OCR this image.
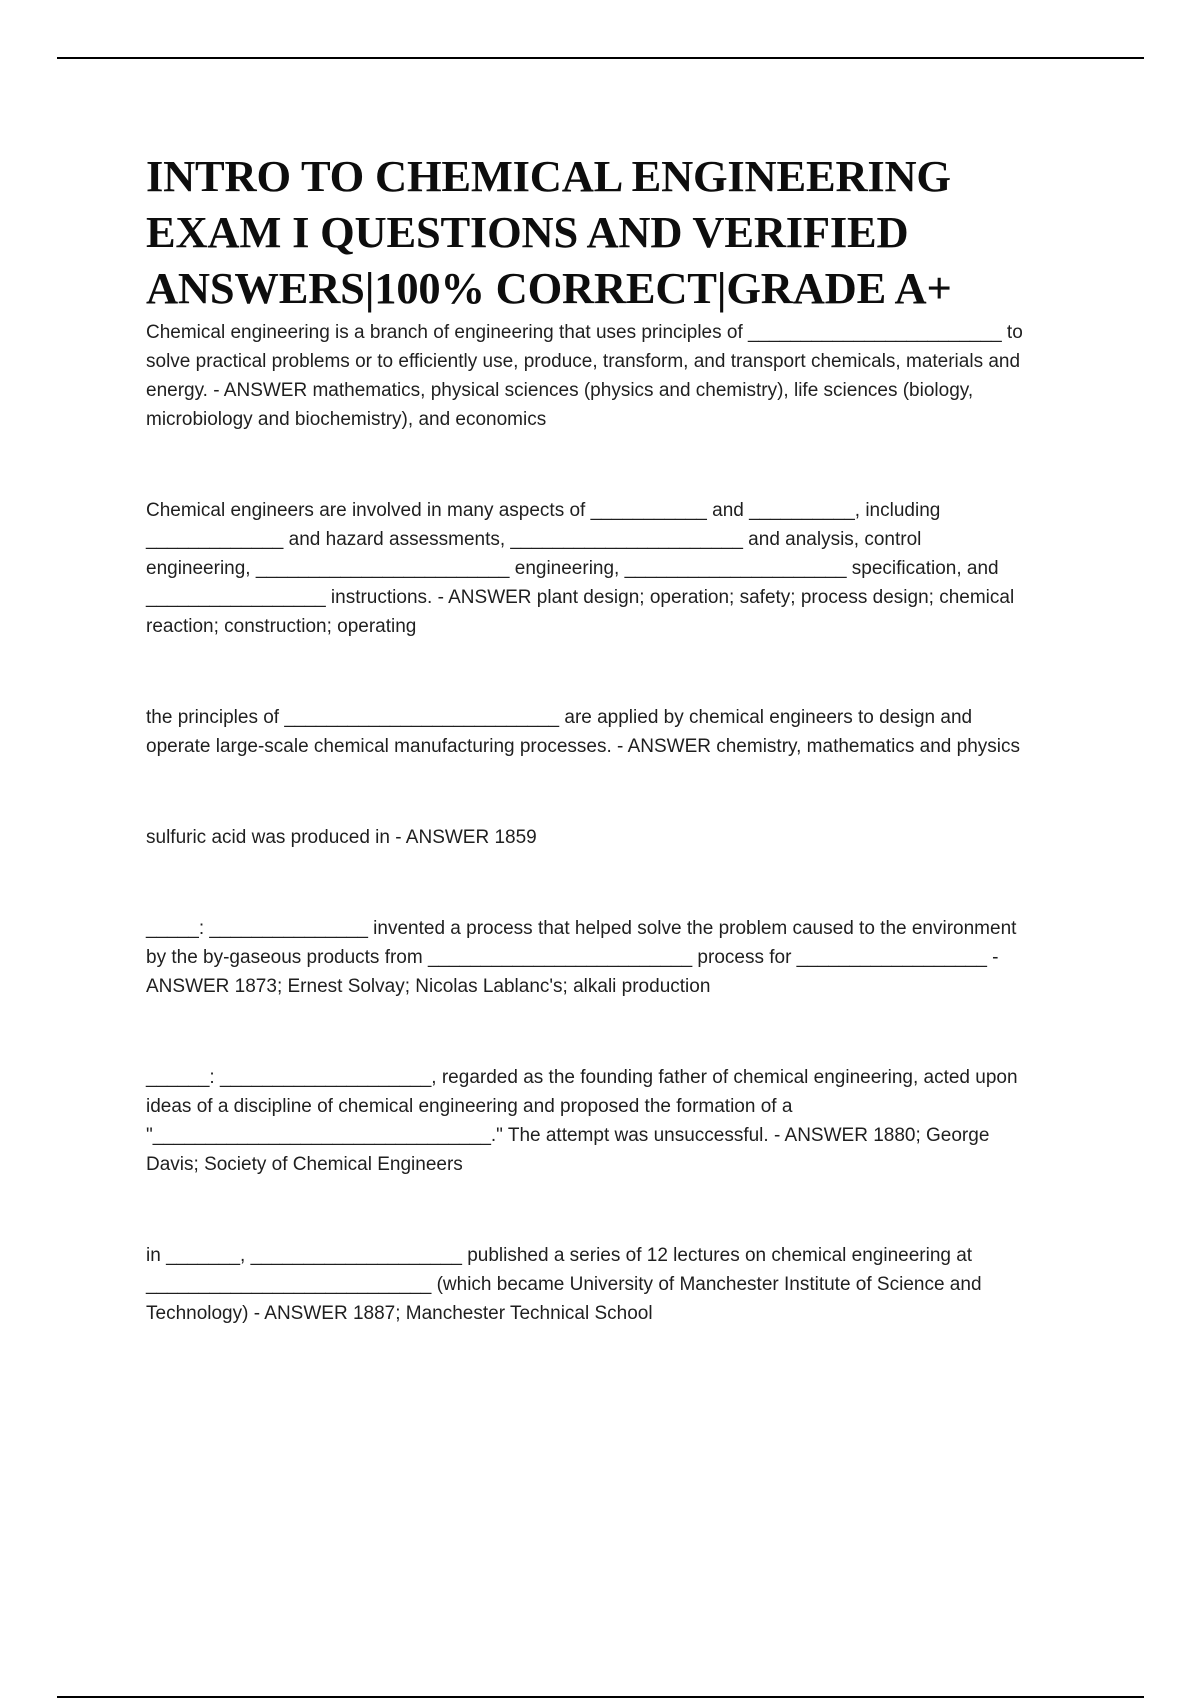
INTRO TO CHEMICAL ENGINEERING
EXAM I QUESTIONS AND VERIFIED
ANSWERS|100% CORRECT|GRADE A+

Chemical engineering is a branch of engineering that uses principles of ________________________ to
solve practical problems or to efficiently use, produce, transform, and transport chemicals, materials and
energy. - ANSWER mathematics, physical sciences (physics and chemistry), life sciences (biology,
microbiology and biochemistry), and economics

Chemical engineers are involved in many aspects of ___________ and __________, including
_____________ and hazard assessments, ______________________ and analysis, control
engineering, ________________________ engineering, _____________________ specification, and
_________________ instructions. - ANSWER plant design; operation; safety; process design; chemical
reaction; construction; operating

the principles of __________________________ are applied by chemical engineers to design and
operate large-scale chemical manufacturing processes. - ANSWER chemistry, mathematics and physics

sulfuric acid was produced in - ANSWER 1859

_____: _______________ invented a process that helped solve the problem caused to the environment
by the by-gaseous products from _________________________ process for __________________ -
ANSWER 1873; Ernest Solvay; Nicolas Lablanc's; alkali production

______: ____________________, regarded as the founding father of chemical engineering, acted upon
ideas of a discipline of chemical engineering and proposed the formation of a
"________________________________." The attempt was unsuccessful. - ANSWER 1880; George
Davis; Society of Chemical Engineers

in _______, ____________________ published a series of 12 lectures on chemical engineering at
___________________________ (which became University of Manchester Institute of Science and
Technology) - ANSWER 1887; Manchester Technical School
